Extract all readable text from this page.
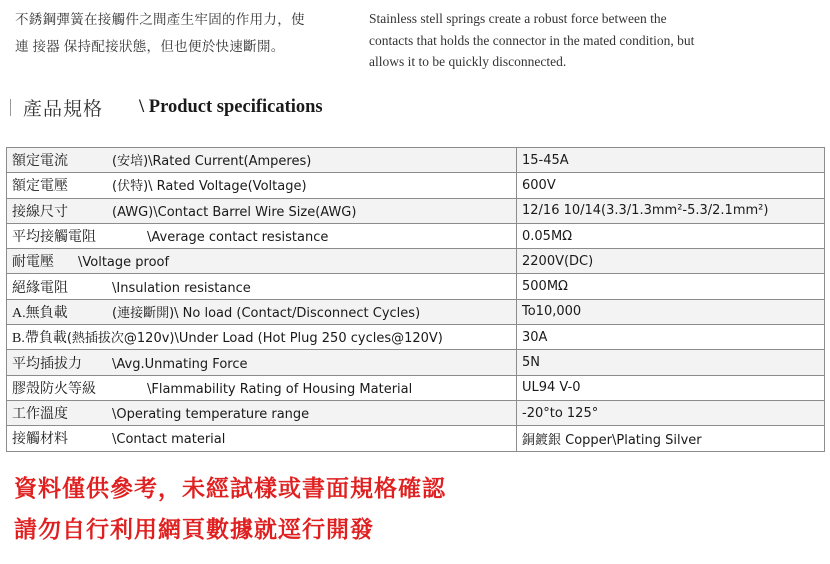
不銹鋼彈簧在接觸件之間產生牢固的作用力，使
連 接器 保持配接狀態，但也便於快速斷開。
Stainless stell springs create a robust force between the
contacts that holds the connector in the mated condition, but
allows it to be quickly disconnected.
產品規格 \ Product specifications
額定電流 (安培)\Rated Current(Amperes)	15-45A
額定電壓 (伏特)\ Rated Voltage(Voltage)	600V
接線尺寸 (AWG)\Contact Barrel Wire Size(AWG)	12/16 10/14(3.3/1.3mm²-5.3/2.1mm²)
平均接觸電阻 \Average contact resistance	0.05MΩ
耐電壓 \Voltage proof	2200V(DC)
絕緣電阻 \Insulation resistance	500MΩ
A.無負載 (連接斷開)\ No load (Contact/Disconnect Cycles)	To10,000
B.帶負載(熱插拔次@120v)\Under Load (Hot Plug 250 cycles@120V)	30A
平均插拔力 \Avg.Unmating Force	5N
膠殼防火等級 \Flammability Rating of Housing Material	UL94 V-0
工作溫度 \Operating temperature range	-20°to 125°
接觸材料 \Contact material	銅鍍銀 Copper\Plating Silver
資料僅供參考，未經試樣或書面規格確認
請勿自行利用網頁數據就逕行開發
